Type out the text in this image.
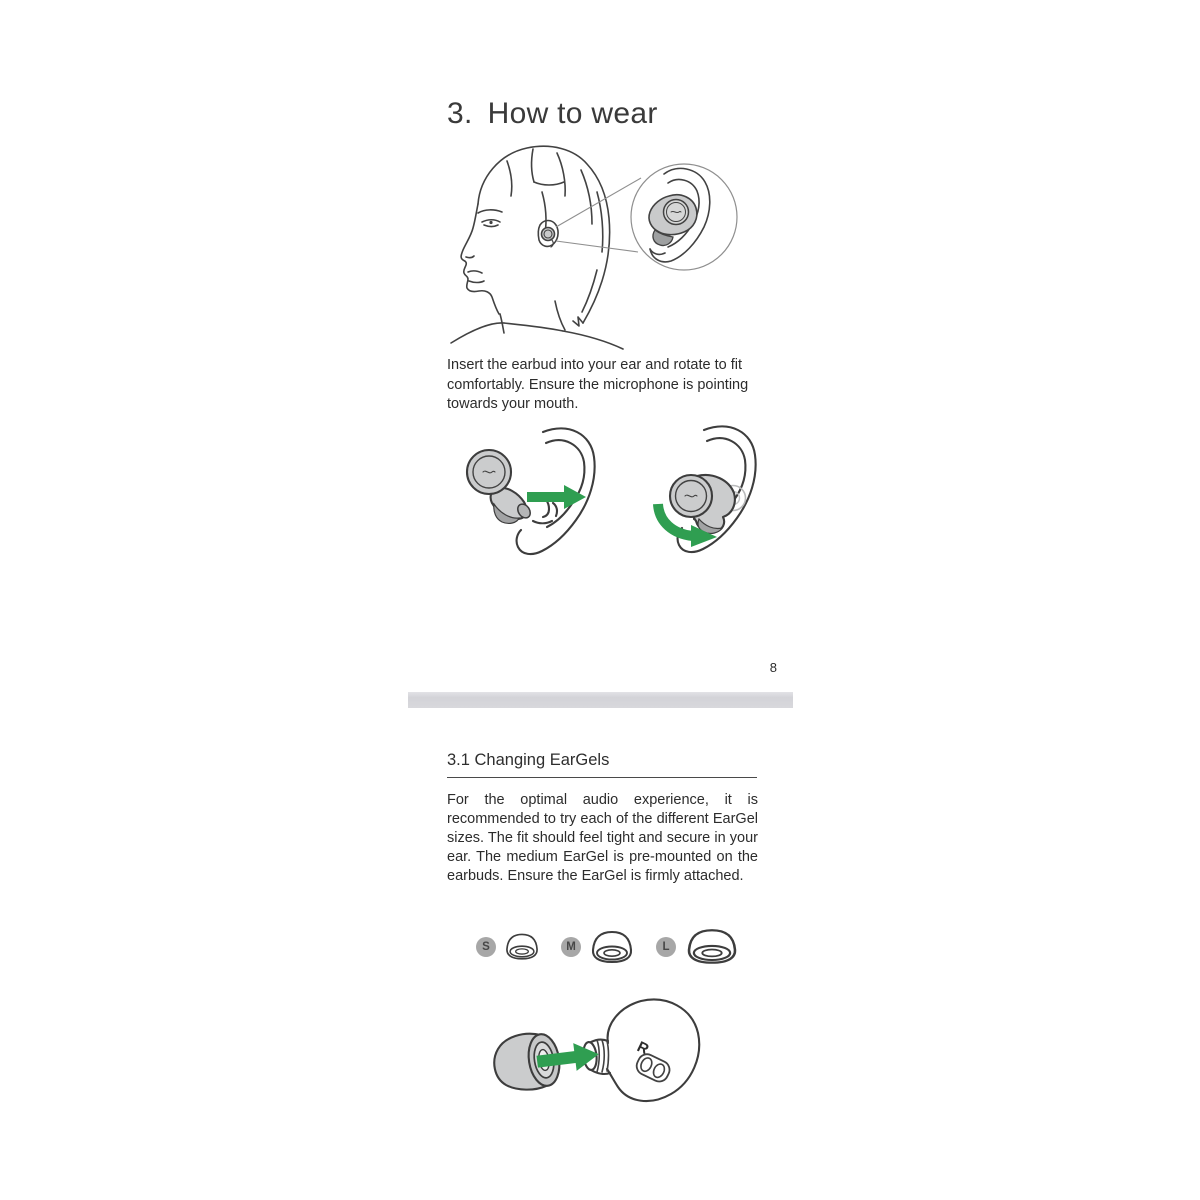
3. How to wear

Insert the earbud into your ear and rotate to fit comfortably. Ensure the microphone is pointing towards your mouth.

8
3.1 Changing EarGels

For the optimal audio experience, it is recommended to try each of the different EarGel sizes. The fit should feel tight and secure in your ear. The medium EarGel is pre-mounted on the earbuds. Ensure the EarGel is firmly attached.

S	M	L
R
